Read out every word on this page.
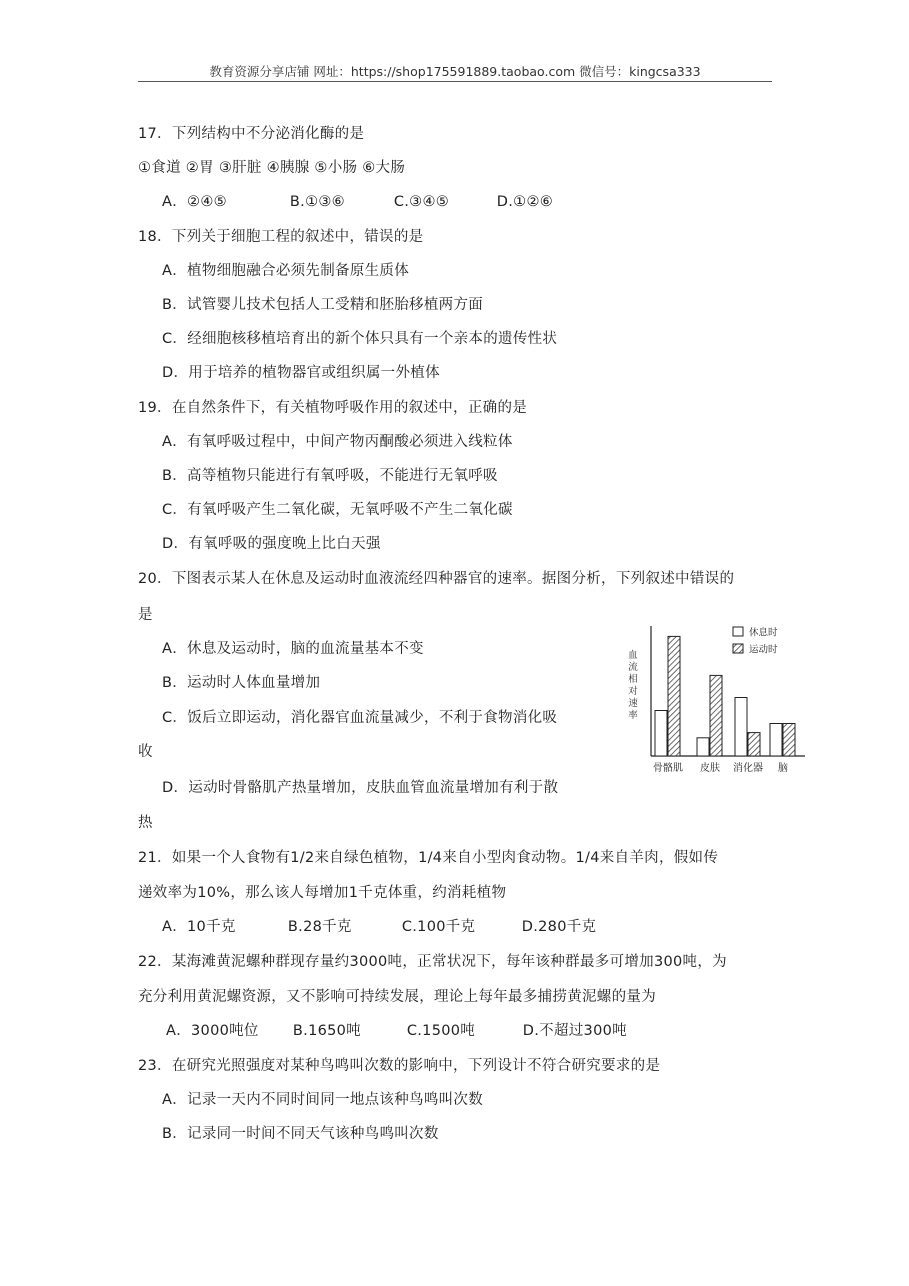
教育资源分享店铺 网址：https://shop175591889.taobao.com 微信号：kingcsa333
17．下列结构中不分泌消化酶的是
①食道 ②胃 ③肝脏 ④胰腺 ⑤小肠 ⑥大肠
A．②④⑤	B.①③⑥	C.③④⑤	D.①②⑥
18．下列关于细胞工程的叙述中，错误的是
A．植物细胞融合必须先制备原生质体
B．试管婴儿技术包括人工受精和胚胎移植两方面
C．经细胞核移植培育出的新个体只具有一个亲本的遗传性状
D．用于培养的植物器官或组织属一外植体
19．在自然条件下，有关植物呼吸作用的叙述中，正确的是
A．有氧呼吸过程中，中间产物丙酮酸必须进入线粒体
B．高等植物只能进行有氧呼吸，不能进行无氧呼吸
C．有氧呼吸产生二氧化碳，无氧呼吸不产生二氧化碳
D．有氧呼吸的强度晚上比白天强
20．下图表示某人在休息及运动时血液流经四种器官的速率。据图分析，下列叙述中错误的
是
A．休息及运动时，脑的血流量基本不变
B．运动时人体血量增加
C．饭后立即运动，消化器官血流量减少，不利于食物消化吸
收
D．运动时骨骼肌产热量增加，皮肤血管血流量增加有利于散
热
血
流
相
对
速
率
骨骼肌 皮肤 消化器 脑
休息时
运动时
21．如果一个人食物有1/2来自绿色植物，1/4来自小型肉食动物。1/4来自羊肉，假如传
递效率为10%，那么该人每增加1千克体重，约消耗植物
A．10千克	B.28千克	C.100千克	D.280千克
22．某海滩黄泥螺种群现存量约3000吨，正常状况下，每年该种群最多可增加300吨，为
充分利用黄泥螺资源，又不影响可持续发展，理论上每年最多捕捞黄泥螺的量为
A．3000吨位 B.1650吨	C.1500吨	D.不超过300吨
23．在研究光照强度对某种鸟鸣叫次数的影响中，下列设计不符合研究要求的是
A．记录一天内不同时间同一地点该种鸟鸣叫次数
B．记录同一时间不同天气该种鸟鸣叫次数
